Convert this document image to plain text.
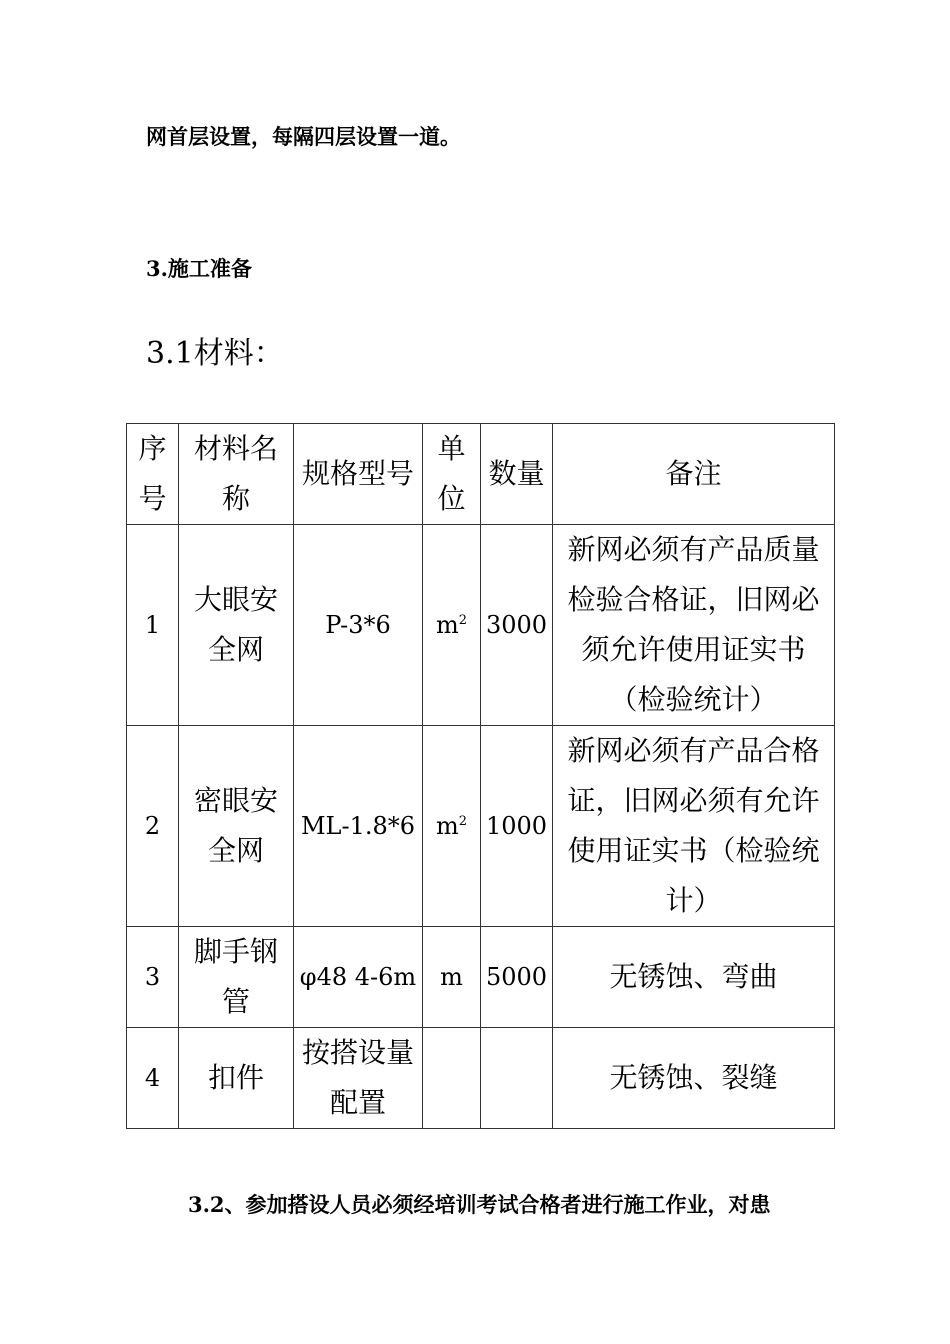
网首层设置，每隔四层设置一道。
3.施工准备
3.1材料：
序号	材料名称	规格型号	单位	数量	备注
1	大眼安全网	P-3*6	$m^2$	3000	新网必须有产品质量检验合格证，旧网必须允许使用证实书（检验统计）
2	密眼安全网	ML-1.8*6	$m^2$	1000	新网必须有产品合格证，旧网必须有允许使用证实书（检验统计）
3	脚手钢管	φ48 4-6m	m	5000	无锈蚀、弯曲
4	扣件	按搭设量配置			无锈蚀、裂缝
3.2、参加搭设人员必须经培训考试合格者进行施工作业，对患
